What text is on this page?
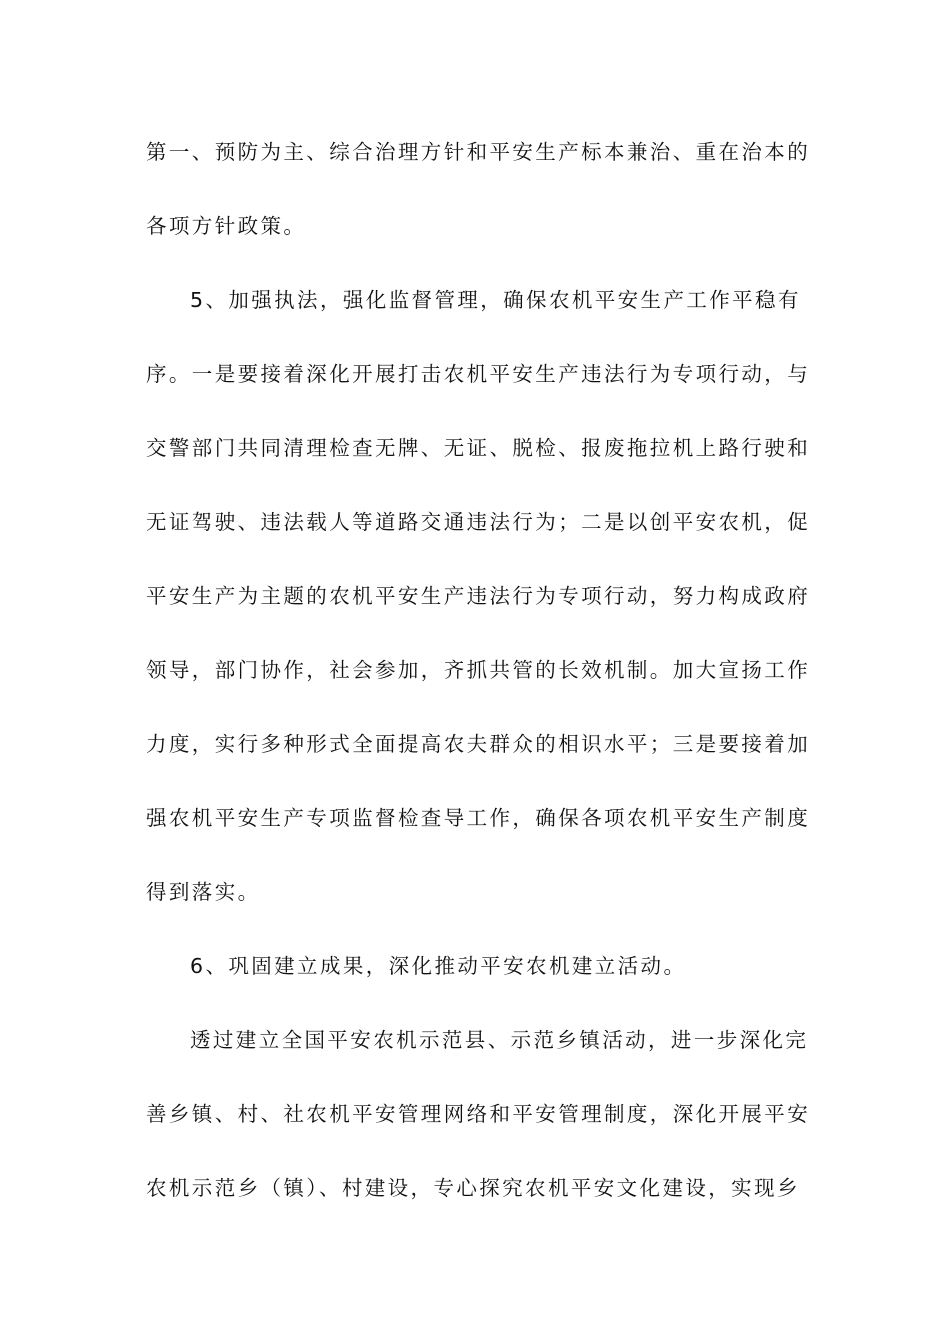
第一、预防为主、综合治理方针和平安生产标本兼治、重在治本的
各项方针政策。
5、加强执法，强化监督管理，确保农机平安生产工作平稳有
序。一是要接着深化开展打击农机平安生产违法行为专项行动，与
交警部门共同清理检查无牌、无证、脱检、报废拖拉机上路行驶和
无证驾驶、违法载人等道路交通违法行为；二是以创平安农机，促
平安生产为主题的农机平安生产违法行为专项行动，努力构成政府
领导，部门协作，社会参加，齐抓共管的长效机制。加大宣扬工作
力度，实行多种形式全面提高农夫群众的相识水平；三是要接着加
强农机平安生产专项监督检查导工作，确保各项农机平安生产制度
得到落实。
6、巩固建立成果，深化推动平安农机建立活动。
透过建立全国平安农机示范县、示范乡镇活动，进一步深化完
善乡镇、村、社农机平安管理网络和平安管理制度，深化开展平安
农机示范乡（镇）、村建设，专心探究农机平安文化建设，实现乡
